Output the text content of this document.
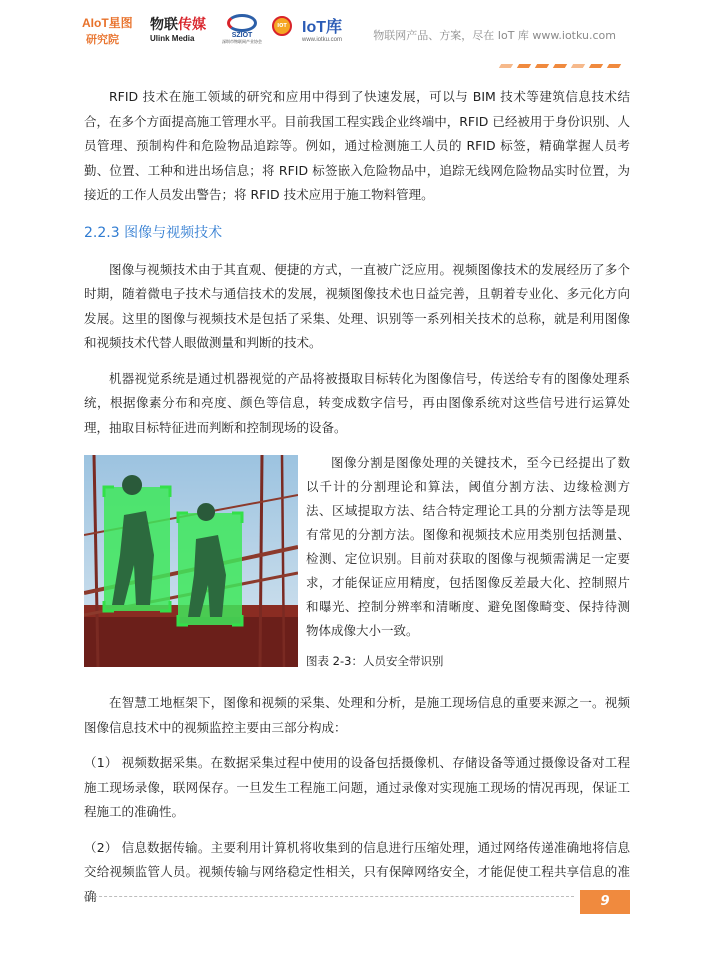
AIoT星图
研究院
物联传媒
Ulink Media	SZIOT
深圳市物联网产业协会
IOT IoT库
www.iotku.com	物联网产品、方案，尽在 IoT 库 www.iotku.com

RFID 技术在施工领域的研究和应用中得到了快速发展，可以与 BIM 技术等建筑信息技术结合，在多个方面提高施工管理水平。目前我国工程实践企业终端中，RFID 已经被用于身份识别、人员管理、预制构件和危险物品追踪等。例如，通过检测施工人员的 RFID 标签，精确掌握人员考勤、位置、工种和进出场信息；将 RFID 标签嵌入危险物品中，追踪无线网危险物品实时位置，为接近的工作人员发出警告；将 RFID 技术应用于施工物料管理。

2.2.3 图像与视频技术

图像与视频技术由于其直观、便捷的方式，一直被广泛应用。视频图像技术的发展经历了多个时期，随着微电子技术与通信技术的发展，视频图像技术也日益完善，且朝着专业化、多元化方向发展。这里的图像与视频技术是包括了采集、处理、识别等一系列相关技术的总称，就是利用图像和视频技术代替人眼做测量和判断的技术。

机器视觉系统是通过机器视觉的产品将被摄取目标转化为图像信号，传送给专有的图像处理系统，根据像素分布和亮度、颜色等信息，转变成数字信号，再由图像系统对这些信号进行运算处理，抽取目标特征进而判断和控制现场的设备。

图像分割是图像处理的关键技术，至今已经提出了数以千计的分割理论和算法，阈值分割方法、边缘检测方法、区域提取方法、结合特定理论工具的分割方法等是现有常见的分割方法。图像和视频技术应用类别包括测量、检测、定位识别。目前对获取的图像与视频需满足一定要求，才能保证应用精度，包括图像反差最大化、控制照片和曝光、控制分辨率和清晰度、避免图像畸变、保持待测物体成像大小一致。

图表 2-3：人员安全带识别

在智慧工地框架下，图像和视频的采集、处理和分析，是施工现场信息的重要来源之一。视频图像信息技术中的视频监控主要由三部分构成：

（1） 视频数据采集。在数据采集过程中使用的设备包括摄像机、存储设备等通过摄像设备对工程施工现场录像，联网保存。一旦发生工程施工问题，通过录像对实现施工现场的情况再现，保证工程施工的准确性。

（2） 信息数据传输。主要利用计算机将收集到的信息进行压缩处理，通过网络传递准确地将信息交给视频监管人员。视频传输与网络稳定性相关，只有保障网络安全，才能促使工程共享信息的准确	9
